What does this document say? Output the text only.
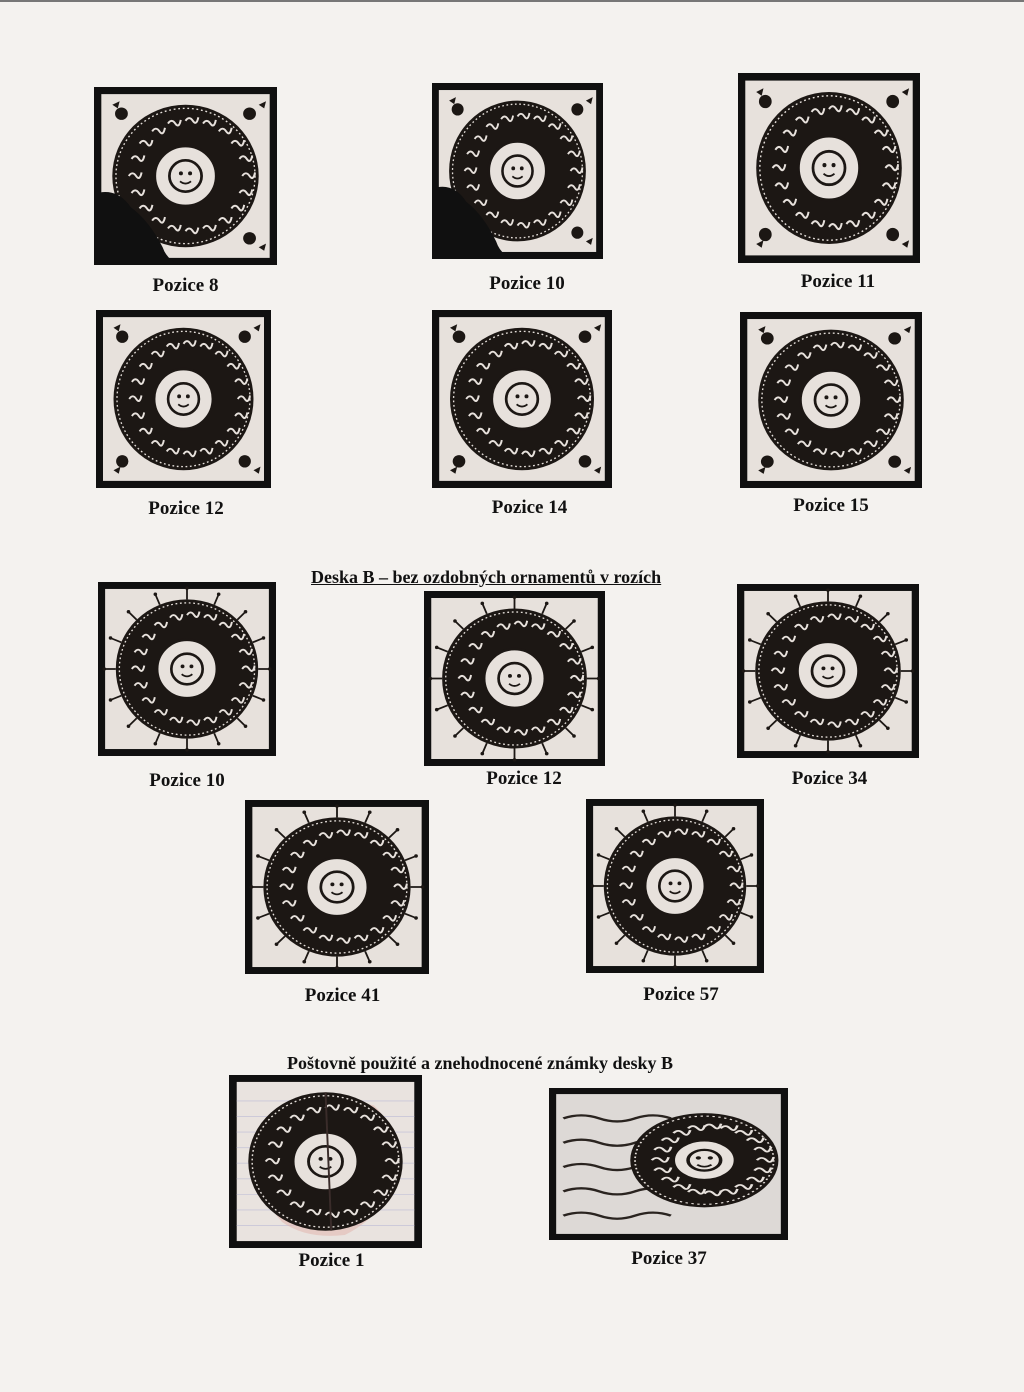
Pozice 8	Pozice 10	Pozice 11
Pozice 12	Pozice 14	Pozice 15
Deska B – bez ozdobných ornamentů v rozích
Pozice 10	Pozice 12	Pozice 34
Pozice 41	Pozice 57
Poštovně použité a znehodnocené známky desky B
Pozice 1	Pozice 37
